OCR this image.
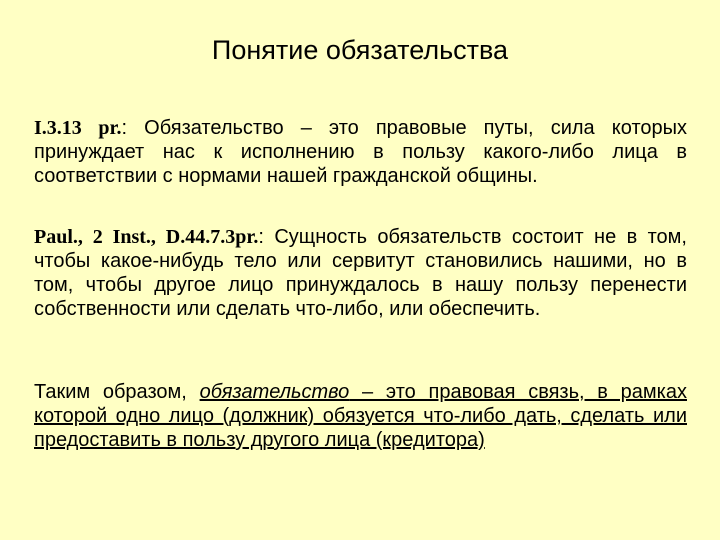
Понятие обязательства
I.3.13 pr.: Обязательство – это правовые путы, сила которых принуждает нас к исполнению в пользу какого-либо лица в соответствии с нормами нашей гражданской общины.
Paul., 2 Inst., D.44.7.3pr.: Сущность обязательств состоит не в том, чтобы какое-нибудь тело или сервитут становились нашими, но в том, чтобы другое лицо принуждалось в нашу пользу перенести собственности или сделать что-либо, или обеспечить.
Таким образом, обязательство – это правовая связь, в рамках которой одно лицо (должник) обязуется что-либо дать, сделать или предоставить в пользу другого лица (кредитора)
